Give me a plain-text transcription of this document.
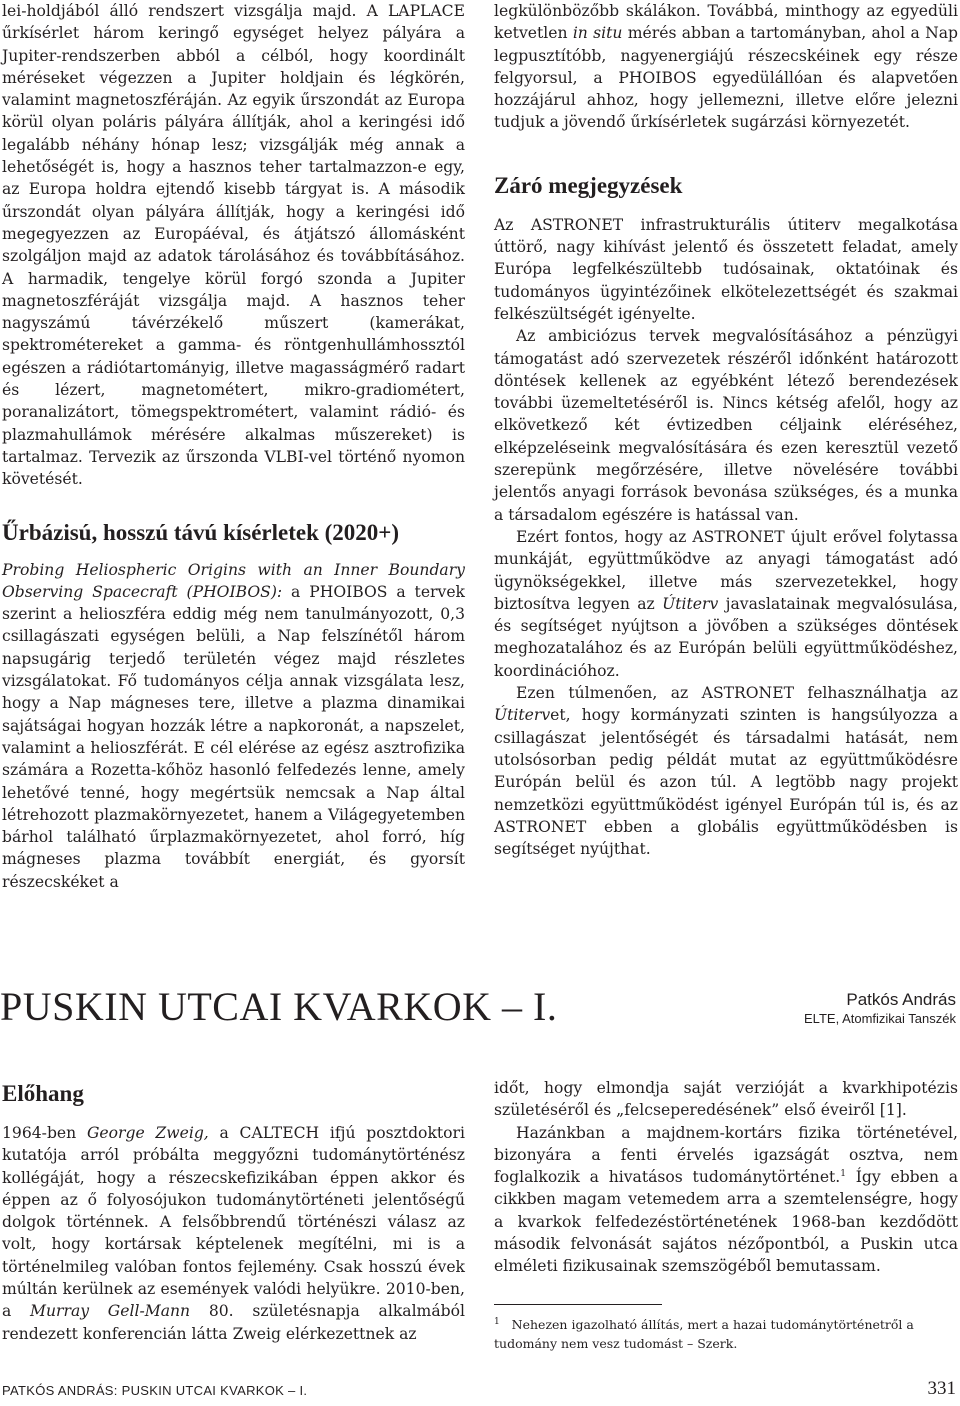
lei-holdjából álló rendszert vizsgálja majd. A LAPLACE űrkísérlet három keringő egységet helyez pályára a Jupiter-rendszerben abból a célból, hogy koordinált méréseket végezzen a Jupiter holdjain és légkörén, valamint magnetoszféráján. Az egyik űrszondát az Europa körül olyan poláris pályára állítják, ahol a keringési idő legalább néhány hónap lesz; vizsgálják még annak a lehetőségét is, hogy a hasznos teher tartalmazzon-e egy, az Europa holdra ejtendő kisebb tárgyat is. A második űrszondát olyan pályára állítják, hogy a keringési idő megegyezzen az Europáéval, és átjátszó állomásként szolgáljon majd az adatok tárolásához és továbbításához. A harmadik, tengelye körül forgó szonda a Jupiter magnetoszféráját vizsgálja majd. A hasznos teher nagyszámú távérzékelő műszert (kamerákat, spektrométereket a gamma- és röntgenhullámhossztól egészen a rádiótartományig, illetve magasságmérő radart és lézert, magnetométert, mikro-gradiométert, poranalizátort, tömegspektrométert, valamint rádió- és plazmahullámok mérésére alkalmas műszereket) is tartalmaz. Tervezik az űrszonda VLBI-vel történő nyomon követését.

Űrbázisú, hosszú távú kísérletek (2020+)

Probing Heliospheric Origins with an Inner Boundary Observing Spacecraft (PHOIBOS): a PHOIBOS a tervek szerint a helioszféra eddig még nem tanulmányozott, 0,3 csillagászati egységen belüli, a Nap felszínétől három napsugárig terjedő területén végez majd részletes vizsgálatokat. Fő tudományos célja annak vizsgálata lesz, hogy a Nap mágneses tere, illetve a plazma dinamikai sajátságai hogyan hozzák létre a napkoronát, a napszelet, valamint a helioszférát. E cél elérése az egész asztrofizika számára a Rozetta-kőhöz hasonló felfedezés lenne, amely lehetővé tenné, hogy megértsük nemcsak a Nap által létrehozott plazmakörnyezetet, hanem a Világegyetemben bárhol található űrplazmakörnyezetet, ahol forró, híg mágneses plazma továbbít energiát, és gyorsít részecskéket a

legkülönbözőbb skálákon. Továbbá, minthogy az egyedüli ketvetlen in situ mérés abban a tartományban, ahol a Nap legpusztítóbb, nagyenergiájú részecskéinek egy része felgyorsul, a PHOIBOS egyedülállóan és alapvetően hozzájárul ahhoz, hogy jellemezni, illetve előre jelezni tudjuk a jövendő űrkísérletek sugárzási környezetét.

Záró megjegyzések

Az ASTRONET infrastrukturális útiterv megalkotása úttörő, nagy kihívást jelentő és összetett feladat, amely Európa legfelkészültebb tudósainak, oktatóinak és tudományos ügyintézőinek elkötelezettségét és szakmai felkészültségét igényelte.

Az ambiciózus tervek megvalósításához a pénzügyi támogatást adó szervezetek részéről időnként határozott döntések kellenek az egyébként létező berendezések további üzemeltetéséről is. Nincs kétség afelől, hogy az elkövetkező két évtizedben céljaink eléréséhez, elképzeléseink megvalósítására és ezen keresztül vezető szerepünk megőrzésére, illetve növelésére további jelentős anyagi források bevonása szükséges, és a munka a társadalom egészére is hatással van.

Ezért fontos, hogy az ASTRONET újult erővel folytassa munkáját, együttműködve az anyagi támogatást adó ügynökségekkel, illetve más szervezetekkel, hogy biztosítva legyen az Útiterv javaslatainak megvalósulása, és segítséget nyújtson a jövőben a szükséges döntések meghozatalához és az Európán belüli együttműködéshez, koordinációhoz.

Ezen túlmenően, az ASTRONET felhasználhatja az Útitervet, hogy kormányzati szinten is hangsúlyozza a csillagászat jelentőségét és társadalmi hatását, nem utolsósorban pedig példát mutat az együttműködésre Európán belül és azon túl. A legtöbb nagy projekt nemzetközi együttműködést igényel Európán túl is, és az ASTRONET ebben a globális együttműködésben is segítséget nyújthat.

PUSKIN UTCAI KVARKOK – I.	Patkós András
ELTE, Atomfizikai Tanszék
Előhang

1964-ben George Zweig, a CALTECH ifjú posztdoktori kutatója arról próbálta meggyőzni tudománytörténész kollégáját, hogy a részecskefizikában éppen akkor és éppen az ő folyosójukon tudománytörténeti jelentőségű dolgok történnek. A felsőbbrendű történészi válasz az volt, hogy kortársak képtelenek megítélni, mi is a történelmileg valóban fontos fejlemény. Csak hosszú évek múltán kerülnek az események valódi helyükre. 2010-ben, a Murray Gell-Mann 80. születésnapja alkalmából rendezett konferencián látta Zweig elérkezettnek az

időt, hogy elmondja saját verzióját a kvarkhipotézis születéséről és „felcseperedésének” első éveiről [1].

Hazánkban a majdnem-kortárs fizika történetével, bizonyára a fenti érvelés igazságát osztva, nem foglalkozik a hivatásos tudománytörténet.$^1$ Így ebben a cikkben magam vetemedem arra a szemtelenségre, hogy a kvarkok felfedezéstörténetének 1968-ban kezdődött második felvonását sajátos nézőpontból, a Puskin utca elméleti fizikusainak szemszögéből bemutassam.

$^1$ Nehezen igazolható állítás, mert a hazai tudománytörténetről a tudomány nem vesz tudomást – Szerk.
PATKÓS ANDRÁS: PUSKIN UTCAI KVARKOK – I.	331
